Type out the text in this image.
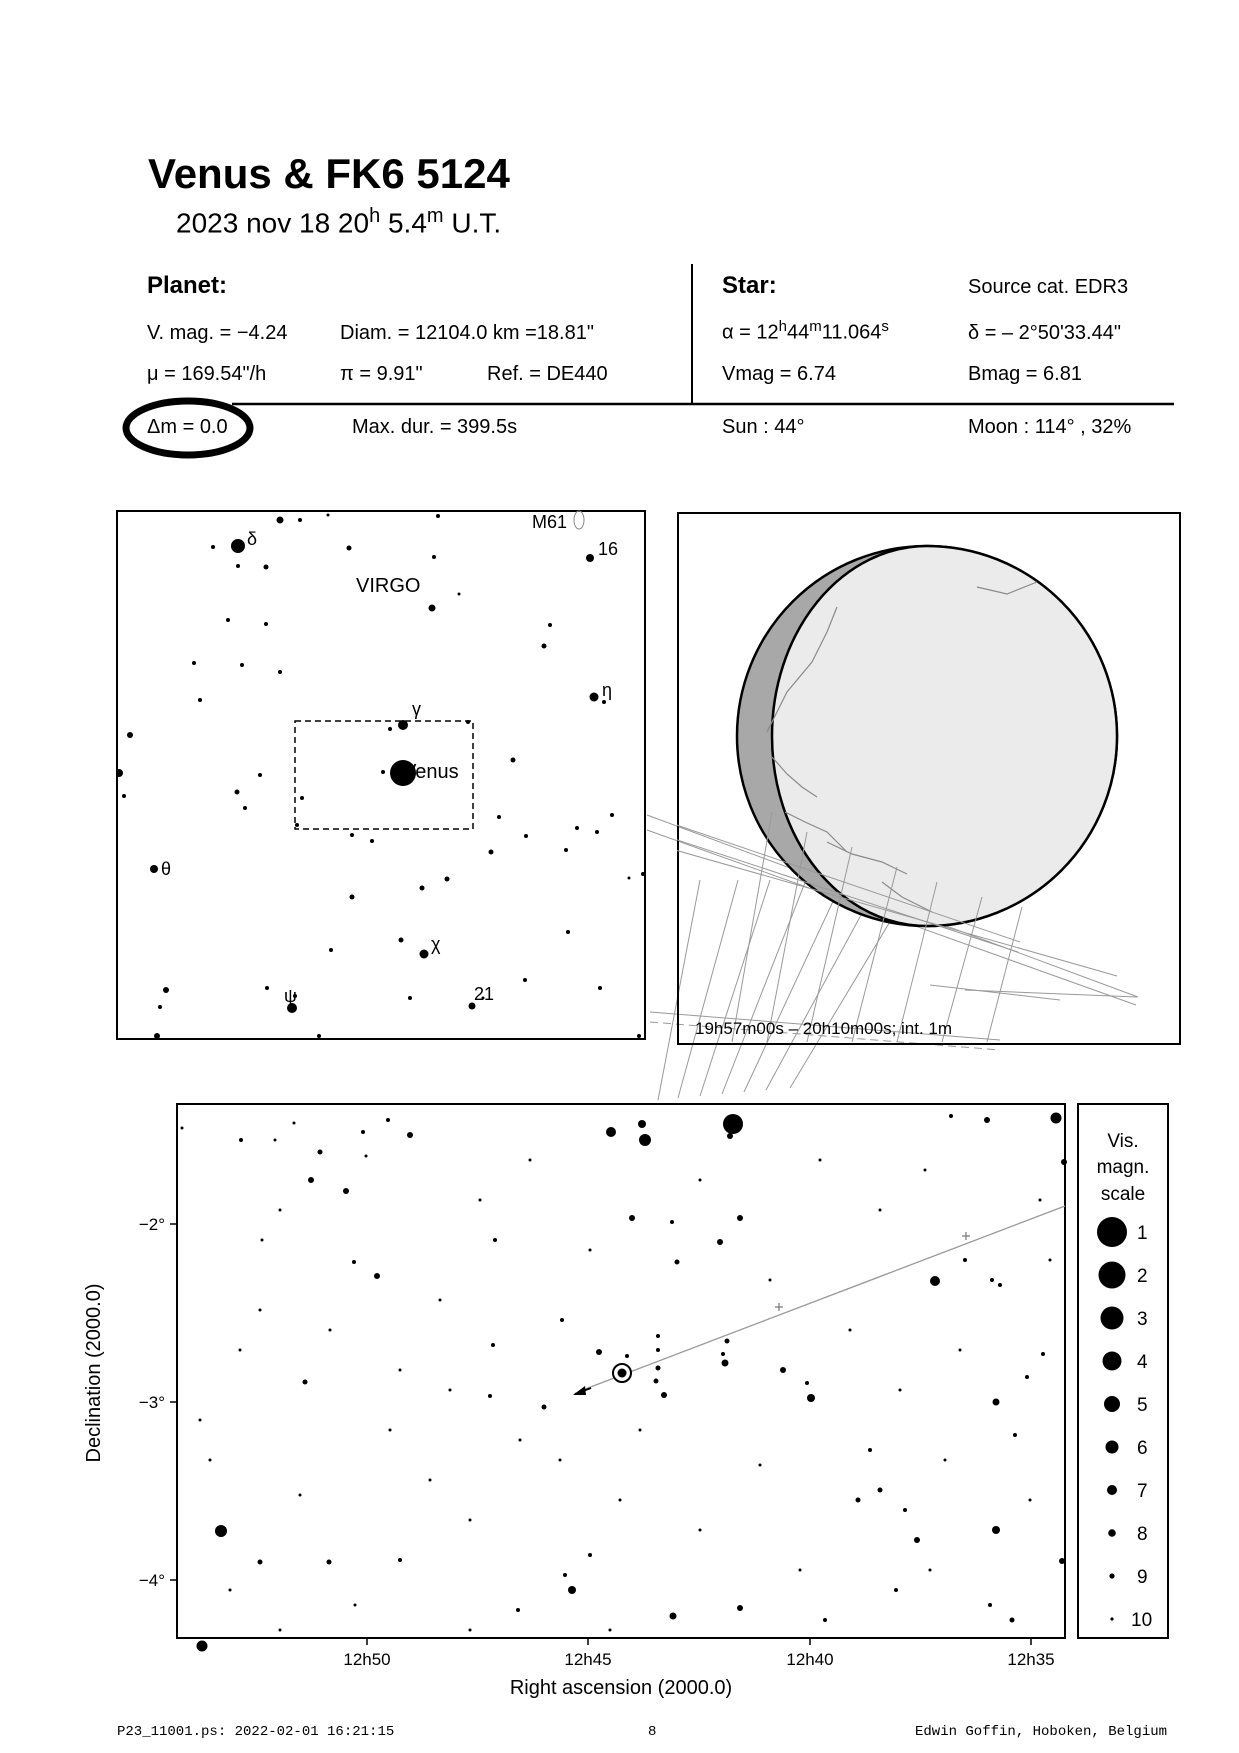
Venus & FK6 5124
2023 nov 18 20$^h$ 5.4$^m$ U.T.
Planet:
V. mag. = −4.24	Diam. = 12104.0 km =18.81"
μ = 169.54"/h	π = 9.91"	Ref. = DE440
Star:	Source cat. EDR3
$\alpha = 12^h44^m11.064^s$	δ = – 2°50'33.44"
Vmag = 6.74	Bmag = 6.81
Δm = 0.0	Max. dur. = 399.5s	Sun : 44°	Moon : 114° , 32%
Venus
VIRGO
δ
M61
16
η
γ
θ
χ
ψ	21
19h57m00s – 20h10m00s; int. 1m
−2°
−3°
−4°
12h50	12h45	12h40	12h35
Right ascension (2000.0)
Declination (2000.0)
Vis.
magn.
scale
1
2
3
4
5
6
7
8
9
10
P23_11001.ps: 2022-02-01 16:21:15	8	Edwin Goffin, Hoboken, Belgium
